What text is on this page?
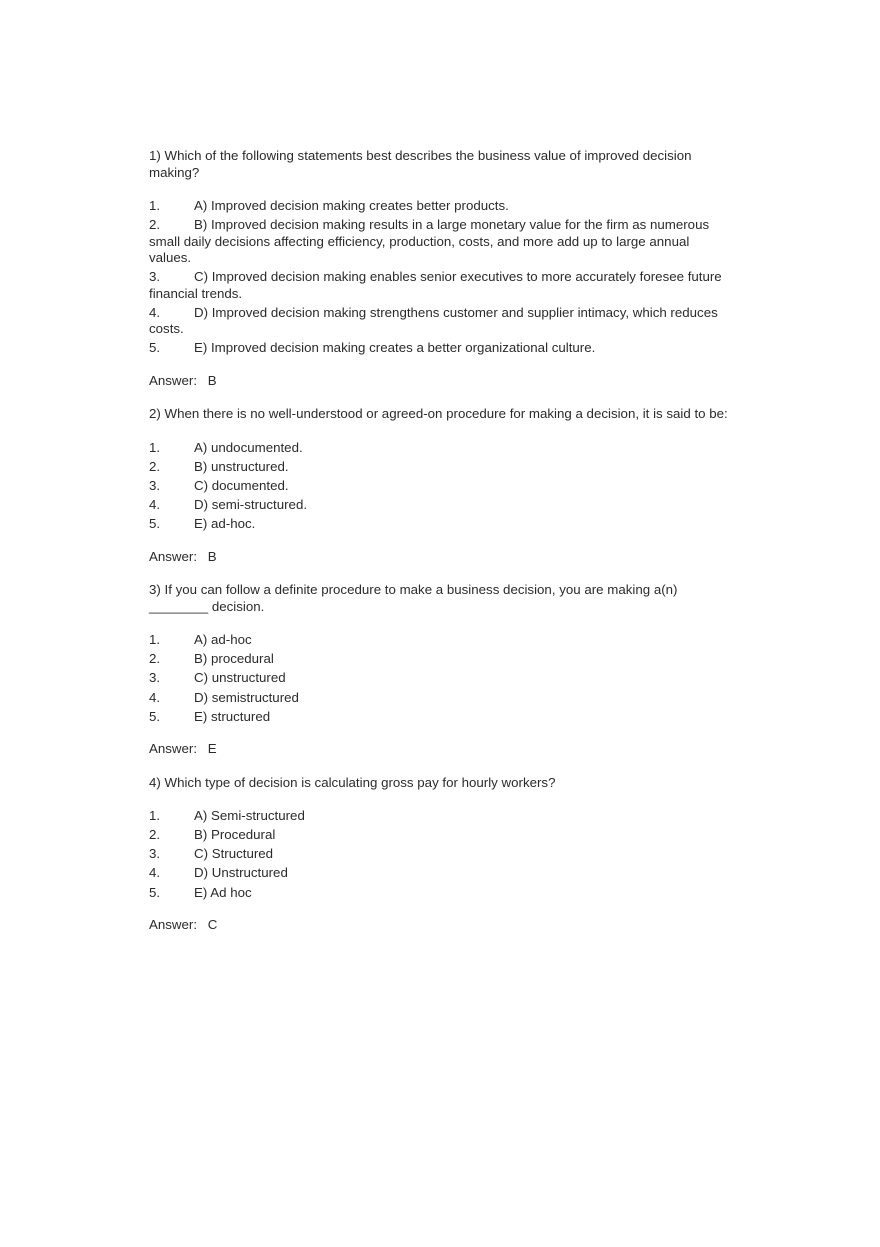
1) Which of the following statements best describes the business value of improved decision making?

1.	A) Improved decision making creates better products.
2.	B) Improved decision making results in a large monetary value for the firm as numerous small daily decisions affecting efficiency, production, costs, and more add up to large annual values.
3.	C) Improved decision making enables senior executives to more accurately foresee future financial trends.
4.	D) Improved decision making strengthens customer and supplier intimacy, which reduces costs.
5.	E) Improved decision making creates a better organizational culture.
Answer: B

2) When there is no well-understood or agreed-on procedure for making a decision, it is said to be:

1.	A) undocumented.
2.	B) unstructured.
3.	C) documented.
4.	D) semi-structured.
5.	E) ad-hoc.
Answer: B

3) If you can follow a definite procedure to make a business decision, you are making a(n) ________ decision.

1.	A) ad-hoc
2.	B) procedural
3.	C) unstructured
4.	D) semistructured
5.	E) structured
Answer: E

4) Which type of decision is calculating gross pay for hourly workers?

1.	A) Semi-structured
2.	B) Procedural
3.	C) Structured
4.	D) Unstructured
5.	E) Ad hoc
Answer: C
